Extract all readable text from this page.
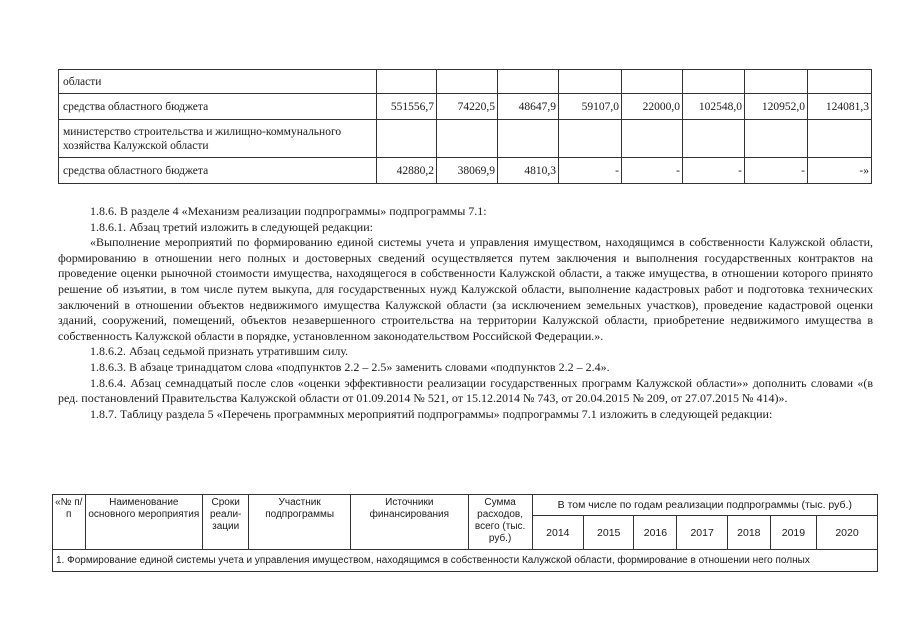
области								
средства областного бюджета	551556,7	74220,5	48647,9	59107,0	22000,0	102548,0	120952,0	124081,3
министерство строительства и жилищно-коммунального хозяйства Калужской области								
средства областного бюджета	42880,2	38069,9	4810,3	-	-	-	-	-»

1.8.6. В разделе 4 «Механизм реализации подпрограммы» подпрограммы 7.1:

1.8.6.1. Абзац третий изложить в следующей редакции:

«Выполнение мероприятий по формированию единой системы учета и управления имуществом, находящимся в собственности Калужской области, формированию в отношении него полных и достоверных сведений осуществляется путем заключения и выполнения государственных контрактов на проведение оценки рыночной стоимости имущества, находящегося в собственности Калужской области, а также имущества, в отношении которого принято решение об изъятии, в том числе путем выкупа, для государственных нужд Калужской области, выполнение кадастровых работ и подготовка технических заключений в отношении объектов недвижимого имущества Калужской области (за исключением земельных участков), проведение кадастровой оценки зданий, сооружений, помещений, объектов незавершенного строительства на территории Калужской области, приобретение недвижимого имущества в собственность Калужской области в порядке, установленном законодательством Российской Федерации.».

1.8.6.2. Абзац седьмой признать утратившим силу.

1.8.6.3. В абзаце тринадцатом слова «подпунктов 2.2 – 2.5» заменить словами «подпунктов 2.2 – 2.4».

1.8.6.4. Абзац семнадцатый после слов «оценки эффективности реализации государственных программ Калужской области»» дополнить словами «(в ред. постановлений Правительства Калужской области от 01.09.2014 № 521, от 15.12.2014 № 743, от 20.04.2015 № 209, от 27.07.2015 № 414)».

1.8.7. Таблицу раздела 5 «Перечень программных мероприятий подпрограммы» подпрограммы 7.1 изложить в следующей редакции:

«№ п/п	Наименование основного мероприятия	Сроки реали-зации	Участник подпрограммы	Источники финансирования	Сумма расходов, всего (тыс. руб.)	В том числе по годам реализации подпрограммы (тыс. руб.)						
						2014	2015	2016	2017	2018	2019	2020
1. Формирование единой системы учета и управления имуществом, находящимся в собственности Калужской области, формирование в отношении него полных												
